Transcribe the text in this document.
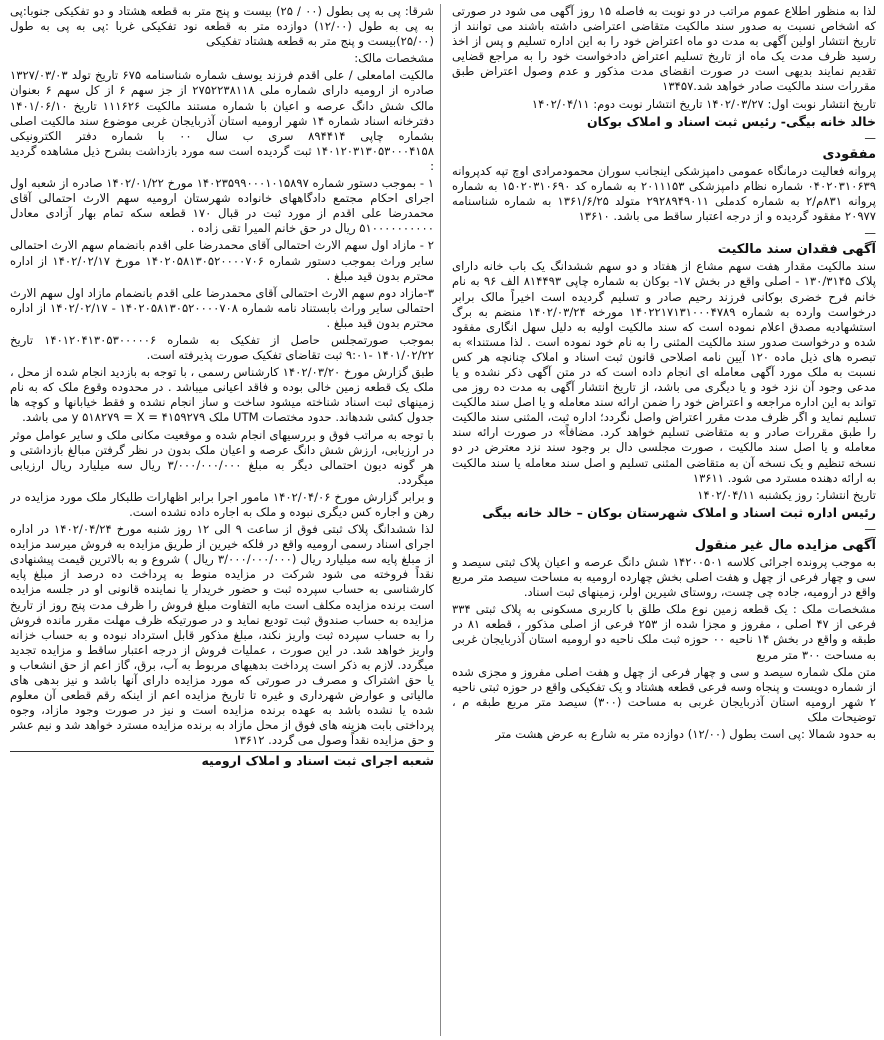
لذا به منظور اطلاع عموم مراتب در دو نوبت به فاصله ۱۵ روز آگهی می شود در صورتی که اشخاص نسبت به صدور سند مالکیت متقاضی اعتراضی داشته باشند می توانند از تاریخ انتشار اولین آگهی به مدت دو ماه اعتراض خود را به این اداره تسلیم و پس از اخذ رسید ظرف مدت یک ماه از تاریخ تسلیم اعتراض دادخواست خود را به مراجع قضایی تقدیم نمایند بدیهی است در صورت انقضای مدت مذکور و عدم وصول اعتراض طبق مقررات سند مالکیت صادر خواهد شد.۱۳۴۵۷

تاریخ انتشار نوبت اول: ۱۴۰۲/۰۳/۲۷ تاریخ انتشار نوبت دوم: ۱۴۰۲/۰۴/۱۱

خالد خانه بیگی- رئیس ثبت اسناد و املاک بوکان

—

مفقودی

پروانه فعالیت درمانگاه عمومی دامپزشکی اینجانب سوران محمودمرادی اوچ تپه کدپروانه ۰۴۰۲۰۳۱۰۶۳۹ شماره نظام دامپزشکی ۲۰۱۱۱۵۳ به شماره کد ۱۵۰۲۰۳۱۰۶۹۰ به شماره پروانه ۸۳۱م/۲ به شماره کدملی ۲۹۲۸۹۴۹۰۱۱ متولد ۱۳۶۱/۶/۲۵ به شماره شناسنامه ۲۰۹۷۷ مفقود گردیده و از درجه اعتبار ساقط می باشد. ۱۳۶۱۰

—

آگهی فقدان سند مالکیت

سند مالکیت مقدار هفت سهم مشاع از هفتاد و دو سهم ششدانگ یک باب خانه دارای پلاک ۱۳۰/۳۱۴۵ - اصلی واقع در بخش ۱۷- بوکان به شماره چاپی ۸۱۴۴۹۳ الف ۹۶ به نام خانم فرح خضری بوکانی فرزند رحیم صادر و تسلیم گردیده است اخیراً مالک برابر درخواست وارده به شماره ۱۴۰۲۲۱۷۱۳۱۰۰۰۴۷۸۹ مورخه ۱۴۰۲/۰۳/۲۴ منضم به برگ استشهادیه مصدق اعلام نموده است که سند مالکیت اولیه به دلیل سهل انگاری مفقود شده و درخواست صدور سند مالکیت المثنی را به نام خود نموده است . لذا مستندا» به تبصره های ذیل ماده ۱۲۰ آیین نامه اصلاحی قانون ثبت اسناد و املاک چنانچه هر کس نسبت به ملک مورد آگهی معامله ای انجام داده است که در متن آگهی ذکر نشده و یا مدعی وجود آن نزد خود و یا دیگری می باشد، از تاریخ انتشار آگهی به مدت ده روز می تواند به این اداره مراجعه و اعتراض خود را ضمن ارائه سند معامله و یا اصل سند مالکیت تسلیم نماید و اگر ظرف مدت مقرر اعتراض واصل نگردد؛ اداره ثبت، المثنی سند مالکیت را طبق مقررات صادر و به متقاضی تسلیم خواهد کرد. مضافاً» در صورت ارائه سند معامله و یا اصل سند مالکیت ، صورت مجلسی دال بر وجود سند نزد معترض در دو نسخه تنظیم و یک نسخه آن به متقاضی المثنی تسلیم و اصل سند معامله یا سند مالکیت به ارائه دهنده مسترد می شود. ۱۳۶۱۱

تاریخ انتشار: روز یکشنبه ۱۴۰۲/۰۴/۱۱

رئیس اداره ثبت اسناد و املاک شهرستان بوکان – خالد خانه بیگی

—

آگهی مزایده مال غیر منقول

به موجب پرونده اجرائی کلاسه ۱۴۲۰۰۵۰۱ شش دانگ عرصه و اعیان پلاک ثبتی سیصد و سی و چهار فرعی از چهل و هفت اصلی بخش چهارده ارومیه به مساحت سیصد متر مربع واقع در ارومیه، جاده چی چست، روستای شیرین اولر، زمینهای ثبت اسناد.

مشخصات ملک : یک قطعه زمین نوع ملک طلق با کاربری مسکونی به پلاک ثبتی ۳۳۴ فرعی از ۴۷ اصلی ، مفروز و مجزا شده از ۲۵۳ فرعی از اصلی مذکور ، قطعه ۸۱ در طبقه و واقع در بخش ۱۴ ناحیه ۰۰ حوزه ثبت ملک ناحیه دو ارومیه استان آذربایجان غربی به مساحت ۳۰۰ متر مربع

متن ملک شماره سیصد و سی و چهار فرعی از چهل و هفت اصلی مفروز و مجزی شده از شماره دویست و پنجاه وسه فرعی قطعه هشتاد و یک تفکیکی واقع در حوزه ثبتی ناحیه ۲ شهر ارومیه استان آذربایجان غربی به مساحت (۳۰۰) سیصد متر مربع طبقه م ، توضیحات ملک

به حدود شمالا :پی است بطول (۱۲/۰۰) دوازده متر به شارع به عرض هشت متر

شرقا: پی به پی بطول (۰۰ / ۲۵) بیست و پنج متر به قطعه هشتاد و دو تفکیکی جنوبا:پی به پی به طول (۱۲/۰۰) دوازده متر به قطعه نود تفکیکی غربا :پی به پی به طول (۲۵/۰۰)بیست و پنج متر به قطعه هشتاد تفکیکی

مشخصات مالک:

مالکیت امامعلی / علی اقدم فرزند یوسف شماره شناسنامه ۶۷۵ تاریخ تولد ۱۳۲۷/۰۳/۰۳ صادره از ارومیه دارای شماره ملی ۲۷۵۲۲۳۸۱۱۸ از جز سهم ۶ از کل سهم ۶ بعنوان مالک شش دانگ عرصه و اعیان با شماره مستند مالکیت ۱۱۱۶۲۶ تاریخ ۱۴۰۱/۰۶/۱۰ دفترخانه اسناد شماره ۱۴ شهر ارومیه استان آذربایجان غربی موضوع سند مالکیت اصلی بشماره چاپی ۸۹۴۴۱۴ سری ب سال ۰۰ با شماره دفتر الکترونیکی ۱۴۰۱۲۰۳۱۳۰۵۳۰۰۰۴۱۵۸ ثبت گردیده است سه مورد بازداشت بشرح ذیل مشاهده گردید :

۱ - بموجب دستور شماره ۱۴۰۲۳۵۹۹۰۰۰۱۰۱۵۸۹۷ مورخ ۱۴۰۲/۰۱/۲۲ صادره از شعبه اول اجرای احکام مجتمع دادگاههای خانواده شهرستان ارومیه سهم الارث احتمالی آقای محمدرضا علی اقدم از مورد ثبت در قبال ۱۷۰ قطعه سکه تمام بهار آزادی معادل ۵۱۰۰۰۰۰۰۰۰۰۰ ریال در حق خانم المیرا تقی زاده .

۲ - مازاد اول سهم الارث احتمالی آقای محمدرضا علی اقدم بانضمام سهم الارث احتمالی سایر وراث بموجب دستور شماره ۱۴۰۲۰۵۸۱۳۰۵۲۰۰۰۰۷۰۶ مورخ ۱۴۰۲/۰۲/۱۷ از اداره محترم بدون قید مبلغ .

۳-مازاد دوم سهم الارث احتمالی آقای محمدرضا علی اقدم بانضمام مازاد اول سهم الارث احتمالی سایر وراث بابستناد نامه شماره ۱۴۰۲۰۵۸۱۳۰۵۲۰۰۰۰۷۰۸ - ۱۴۰۲/۰۲/۱۷ از اداره محترم بدون قید مبلغ .

بموجب صورتمجلس حاصل از تفکیک به شماره ۱۴۰۱۲۰۴۱۳۰۵۳۰۰۰۰۰۶ تاریخ ۱۴۰۱/۰۲/۲۲ -۹:۰۱ ثبت تقاضای تفکیک صورت پذیرفته است.

طبق گزارش مورخ ۱۴۰۲/۰۳/۲۰ کارشناس رسمی ، با توجه به بازدید انجام شده از محل ، ملک یک قطعه زمین خالی بوده و فاقد اعیانی میباشد . در محدوده وقوع ملک که به نام زمینهای ثبت اسناد شناخته میشود ساخت و ساز انجام نشده و فقط خیابانها و کوچه ها جدول کشی شدهاند. حدود مختصات UTM ملک ۴۱۵۹۲۷۹ = y ۵۱۸۲۷۹ = X می باشد.

با توجه به مراتب فوق و بررسیهای انجام شده و موقعیت مکانی ملک و سایر عوامل موثر در ارزیابی، ارزش شش دانگ عرصه و اعیان ملک بدون در نظر گرفتن مبالغ بازداشتی و هر گونه دیون احتمالی دیگر به مبلغ ۳/۰۰۰/۰۰۰/۰۰۰ ریال سه میلیارد ریال ارزیابی میگردد.

و برابر گزارش مورخ ۱۴۰۲/۰۴/۰۶ مامور اجرا برابر اظهارات طلبکار ملک مورد مزایده در رهن و اجاره کس دیگری نبوده و ملک به اجاره داده نشده است.

لذا ششدانگ پلاک ثبتی فوق از ساعت ۹ الی ۱۲ روز شنبه مورخ ۱۴۰۲/۰۴/۲۴ در اداره اجرای اسناد رسمی ارومیه واقع در فلکه خیرین از طریق مزایده به فروش میرسد مزایده از مبلغ پایه سه میلیارد ریال (۳/۰۰۰/۰۰۰/۰۰۰ ریال ) شروع و به بالاترین قیمت پیشنهادی نقداً فروخته می شود شرکت در مزایده منوط به پرداخت ده درصد از مبلغ پایه کارشناسی به حساب سپرده ثبت و حضور خریدار یا نماینده قانونی او در جلسه مزایده است برنده مزایده مکلف است مابه التفاوت مبلغ فروش را ظرف مدت پنج روز از تاریخ مزایده به حساب صندوق ثبت تودیع نماید و در صورتیکه ظرف مهلت مقرر مانده فروش را به حساب سپرده ثبت واریز نکند، مبلغ مذکور قابل استرداد نبوده و به حساب خزانه واریز خواهد شد. در این صورت ، عملیات فروش از درجه اعتبار ساقط و مزایده تجدید میگردد. لازم به ذکر است پرداخت بدهیهای مربوط به آب، برق، گاز اعم از حق انشعاب و یا حق اشتراک و مصرف در صورتی که مورد مزایده دارای آنها باشد و نیز بدهی های مالیاتی و عوارض شهرداری و غیره تا تاریخ مزایده اعم از اینکه رقم قطعی آن معلوم شده یا نشده باشد به عهده برنده مزایده است و نیز در صورت وجود مازاد، وجوه پرداختی بابت هزینه های فوق از محل مازاد به برنده مزایده مسترد خواهد شد و نیم عشر و حق مزایده نقداً وصول می گردد. ۱۳۶۱۲

شعبه اجرای ثبت اسناد و املاک ارومیه
